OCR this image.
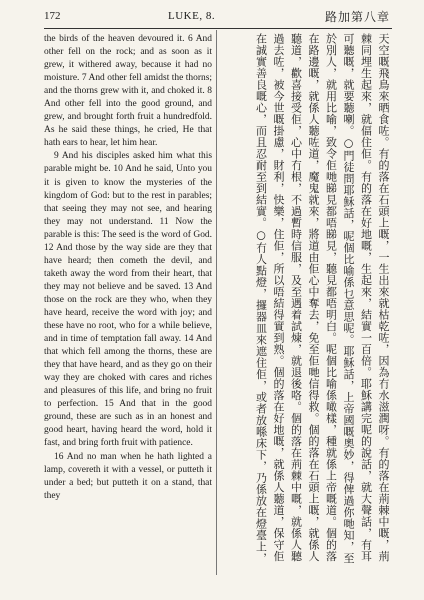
172	LUKE, 8.	路加第八章

the birds of the heaven devoured it. 6 And other fell on the rock; and as soon as it grew, it withered away, because it had no moisture. 7 And other fell amidst the thorns; and the thorns grew with it, and choked it. 8 And other fell into the good ground, and grew, and brought forth fruit a hundredfold. As he said these things, he cried, He that hath ears to hear, let him hear.

9 And his disciples asked him what this parable might be. 10 And he said, Unto you it is given to know the mysteries of the kingdom of God: but to the rest in parables; that seeing they may not see, and hearing they may not understand. 11 Now the parable is this: The seed is the word of God. 12 And those by the way side are they that have heard; then cometh the devil, and taketh away the word from their heart, that they may not believe and be saved. 13 And those on the rock are they who, when they have heard, receive the word with joy; and these have no root, who for a while believe, and in time of temptation fall away. 14 And that which fell among the thorns, these are they that have heard, and as they go on their way they are choked with cares and riches and pleasures of this life, and bring no fruit to perfection. 15 And that in the good ground, these are such as in an honest and good heart, having heard the word, hold it fast, and bring forth fruit with patience.

16 And no man when he hath lighted a lamp, covereth it with a vessel, or putteth it under a bed; but putteth it on a stand, that they	天空嘅飛鳥來晒食咗。有的落在石頭上嘅，一生出來就枯乾咗，因為冇水滋潤呀。有的落在荊棘中嘅，荊棘同埋生起來，就偪住佢。有的落在好地嘅，生起來，結實一百倍。耶穌講完呢的說話，就大聲話，有耳可聽嘅，就要聽喇。○門徒問耶穌話，呢個比喻係乜意思呢。耶穌話，上帝國嘅奧妙，得俾過你哋知，至於別人，就用比喻，致令佢哋睇見都唔睇見，聽見都唔明白。呢個比喻係噉樣，種就係上帝嘅道。個的落在路邊嘅，就係人聽咗道，魔鬼就來，將道由佢心中奪去，免至佢哋信得救。個的落在石頭上嘅，就係人聽道，歡喜接受佢，心中冇根，不過暫時信服，及至遇着試煉，就退後咯。個的落在荊棘中嘅，就係人聽過去咗，被今世嘅掛慮，財利，快樂，住佢，所以唔結得實到熟。個的落在好地嘅，就係人聽道，保守佢在誠實善良嘅心，而且忍耐至到結實。○冇人點燈，攞器皿來遮住佢，或者放喺床下，乃係放在燈臺上，
